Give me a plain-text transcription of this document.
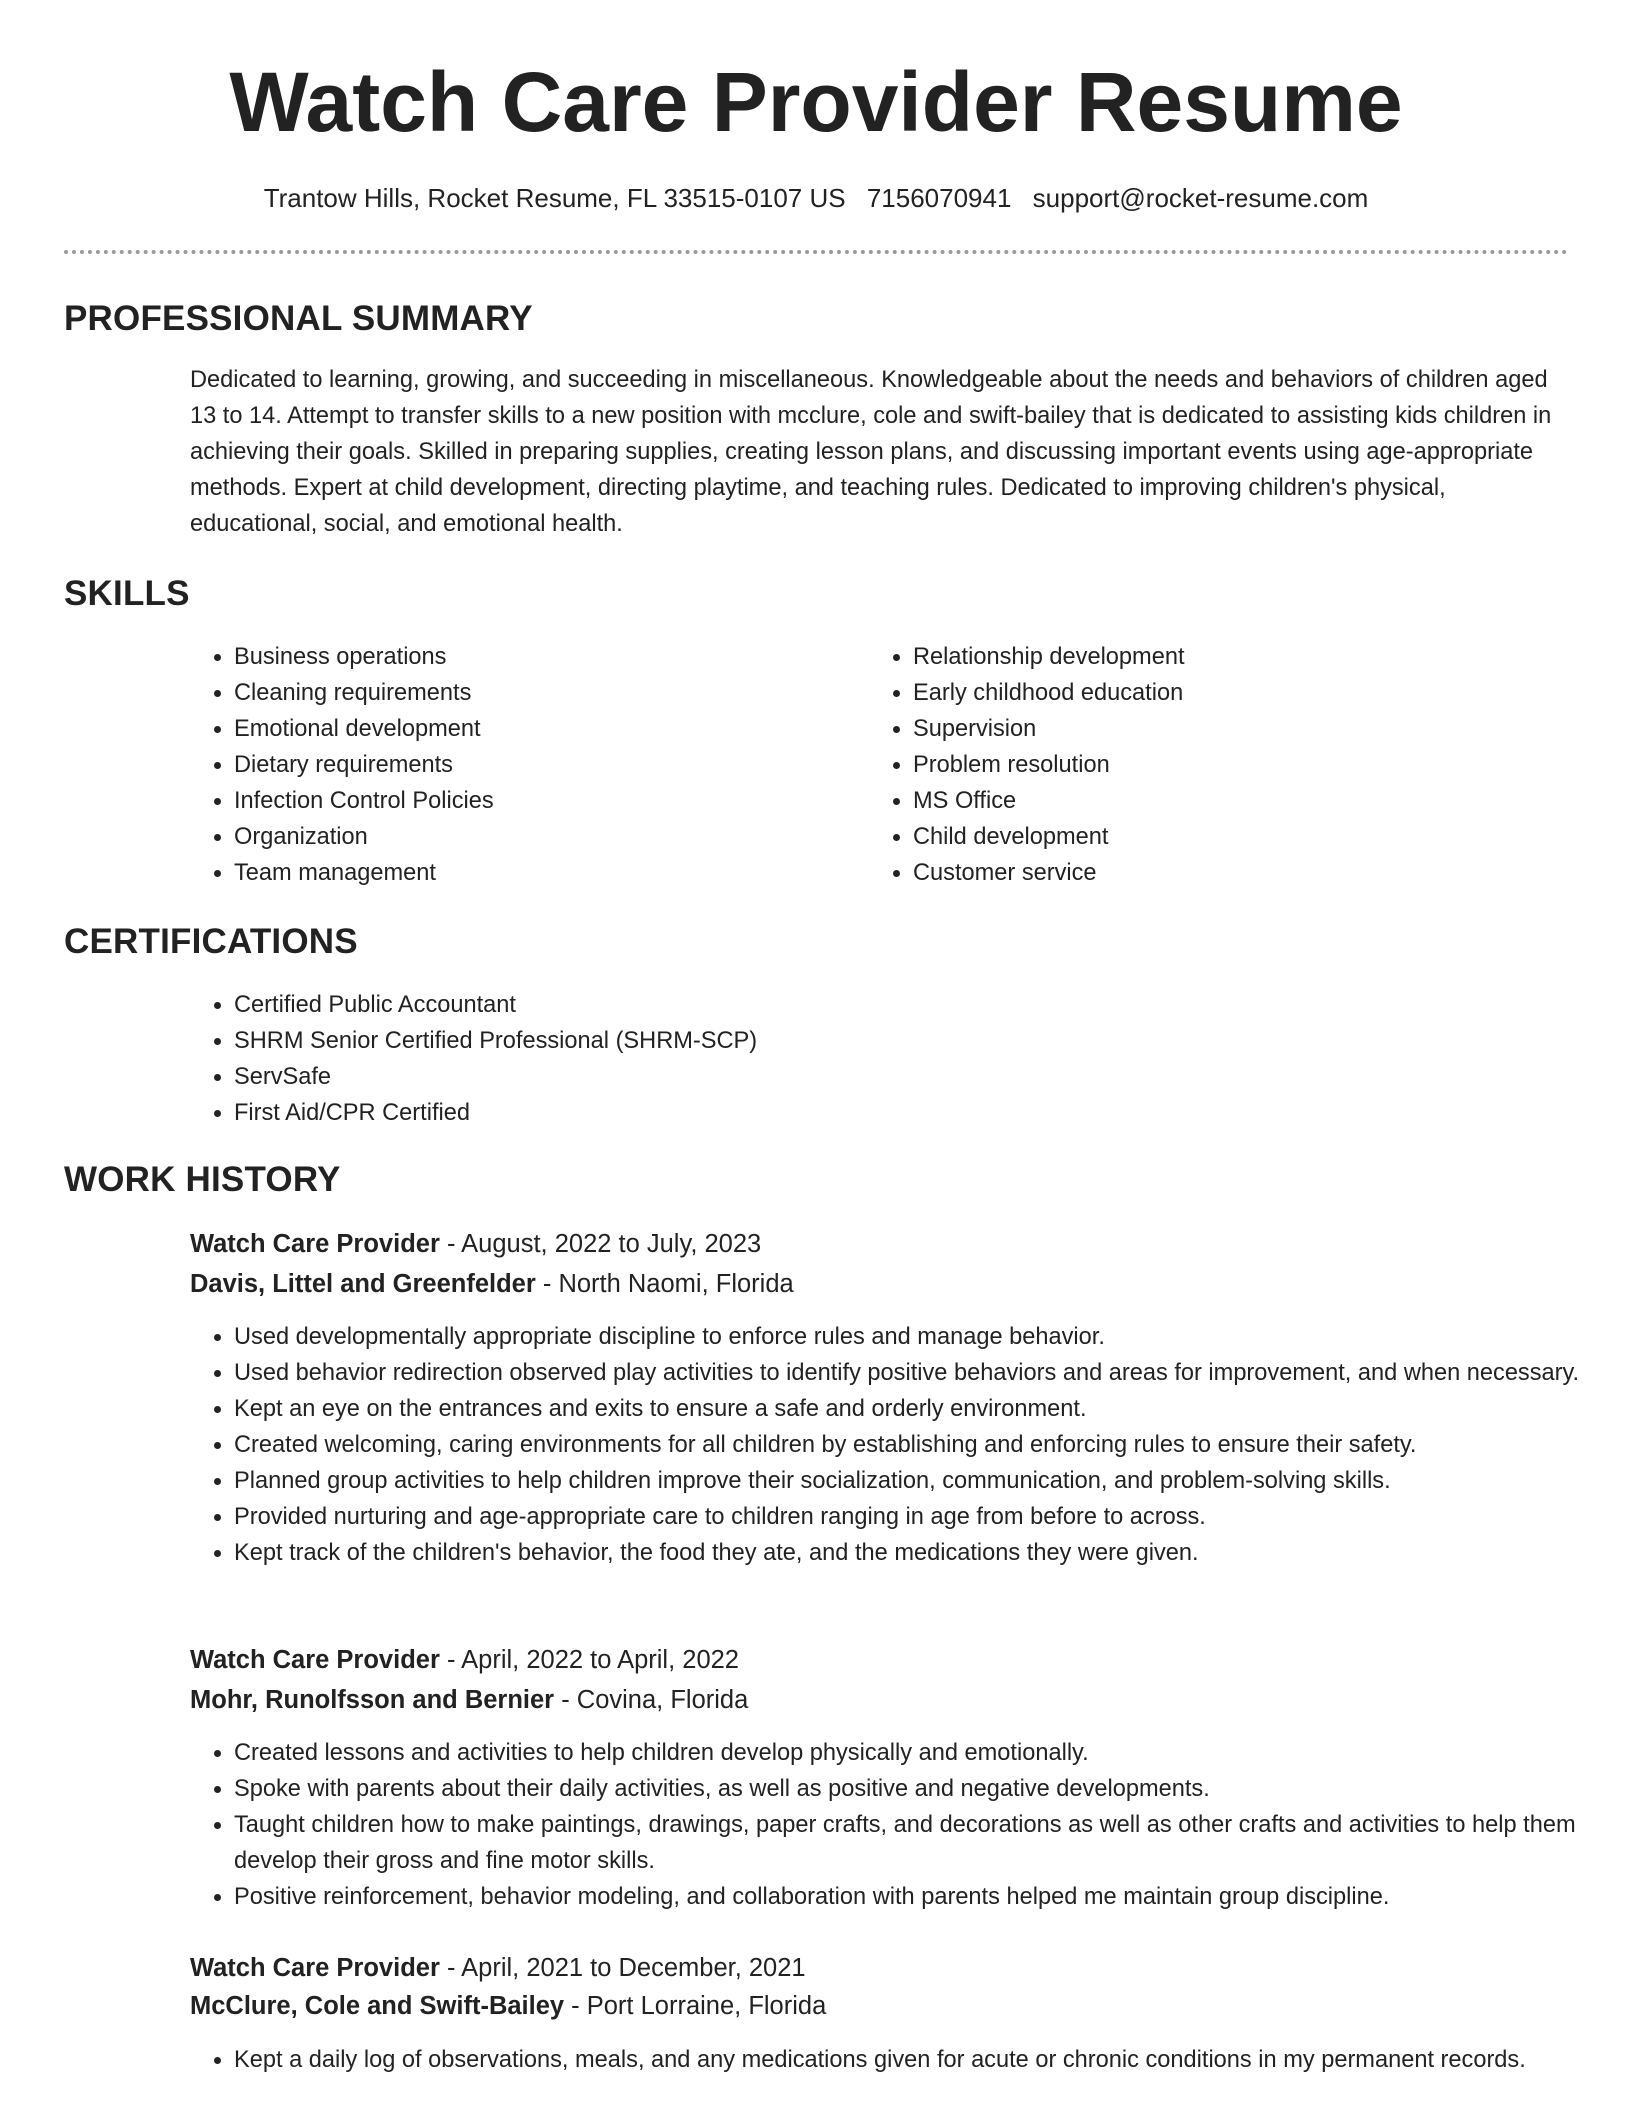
Watch Care Provider Resume
Trantow Hills, Rocket Resume, FL 33515-0107 US 7156070941 support@rocket-resume.com
PROFESSIONAL SUMMARY

Dedicated to learning, growing, and succeeding in miscellaneous. Knowledgeable about the needs and behaviors of children aged 13 to 14. Attempt to transfer skills to a new position with mcclure, cole and swift-bailey that is dedicated to assisting kids children in achieving their goals. Skilled in preparing supplies, creating lesson plans, and discussing important events using age-appropriate methods. Expert at child development, directing playtime, and teaching rules. Dedicated to improving children's physical, educational, social, and emotional health.

SKILLS
• Business operations
• Cleaning requirements
• Emotional development
• Dietary requirements
• Infection Control Policies
• Organization
• Team management
• Relationship development
• Early childhood education
• Supervision
• Problem resolution
• MS Office
• Child development
• Customer service
CERTIFICATIONS
• Certified Public Accountant
• SHRM Senior Certified Professional (SHRM-SCP)
• ServSafe
• First Aid/CPR Certified
WORK HISTORY
Watch Care Provider - August, 2022 to July, 2023
Davis, Littel and Greenfelder - North Naomi, Florida
• Used developmentally appropriate discipline to enforce rules and manage behavior.
• Used behavior redirection observed play activities to identify positive behaviors and areas for improvement, and when necessary.
• Kept an eye on the entrances and exits to ensure a safe and orderly environment.
• Created welcoming, caring environments for all children by establishing and enforcing rules to ensure their safety.
• Planned group activities to help children improve their socialization, communication, and problem-solving skills.
• Provided nurturing and age-appropriate care to children ranging in age from before to across.
• Kept track of the children's behavior, the food they ate, and the medications they were given.
Watch Care Provider - April, 2022 to April, 2022
Mohr, Runolfsson and Bernier - Covina, Florida
• Created lessons and activities to help children develop physically and emotionally.
• Spoke with parents about their daily activities, as well as positive and negative developments.
• Taught children how to make paintings, drawings, paper crafts, and decorations as well as other crafts and activities to help them develop their gross and fine motor skills.
• Positive reinforcement, behavior modeling, and collaboration with parents helped me maintain group discipline.
Watch Care Provider - April, 2021 to December, 2021
McClure, Cole and Swift-Bailey - Port Lorraine, Florida
• Kept a daily log of observations, meals, and any medications given for acute or chronic conditions in my permanent records.
